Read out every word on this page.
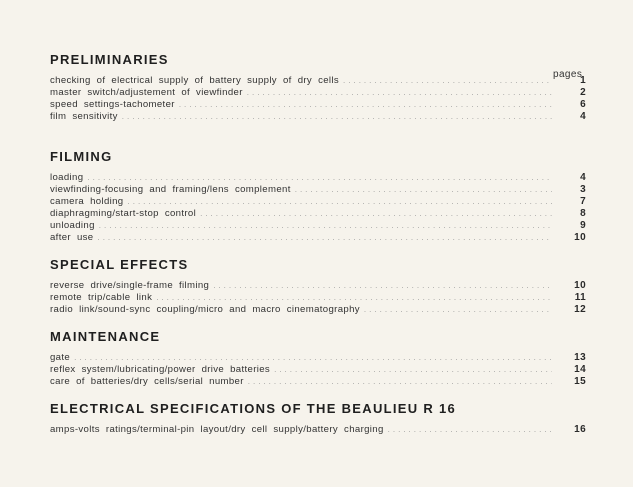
pages
PRELIMINARIES
checking of electrical supply of battery supply of dry cells .....	1
master switch/adjustement of viewfinder .....	2
speed settings-tachometer .....	6
film sensitivity .....	4
FILMING
loading .....	4
viewfinding-focusing and framing/lens complement .....	3
camera holding .....	7
diaphragming/start-stop control .....	8
unloading .....	9
after use .....	10
SPECIAL EFFECTS
reverse drive/single-frame filming .....	10
remote trip/cable link .....	11
radio link/sound-sync coupling/micro and macro cinematography .....	12
MAINTENANCE
gate .....	13
reflex system/lubricating/power drive batteries .....	14
care of batteries/dry cells/serial number .....	15
ELECTRICAL SPECIFICATIONS OF THE BEAULIEU R 16
amps-volts ratings/terminal-pin layout/dry cell supply/battery charging .....	16
